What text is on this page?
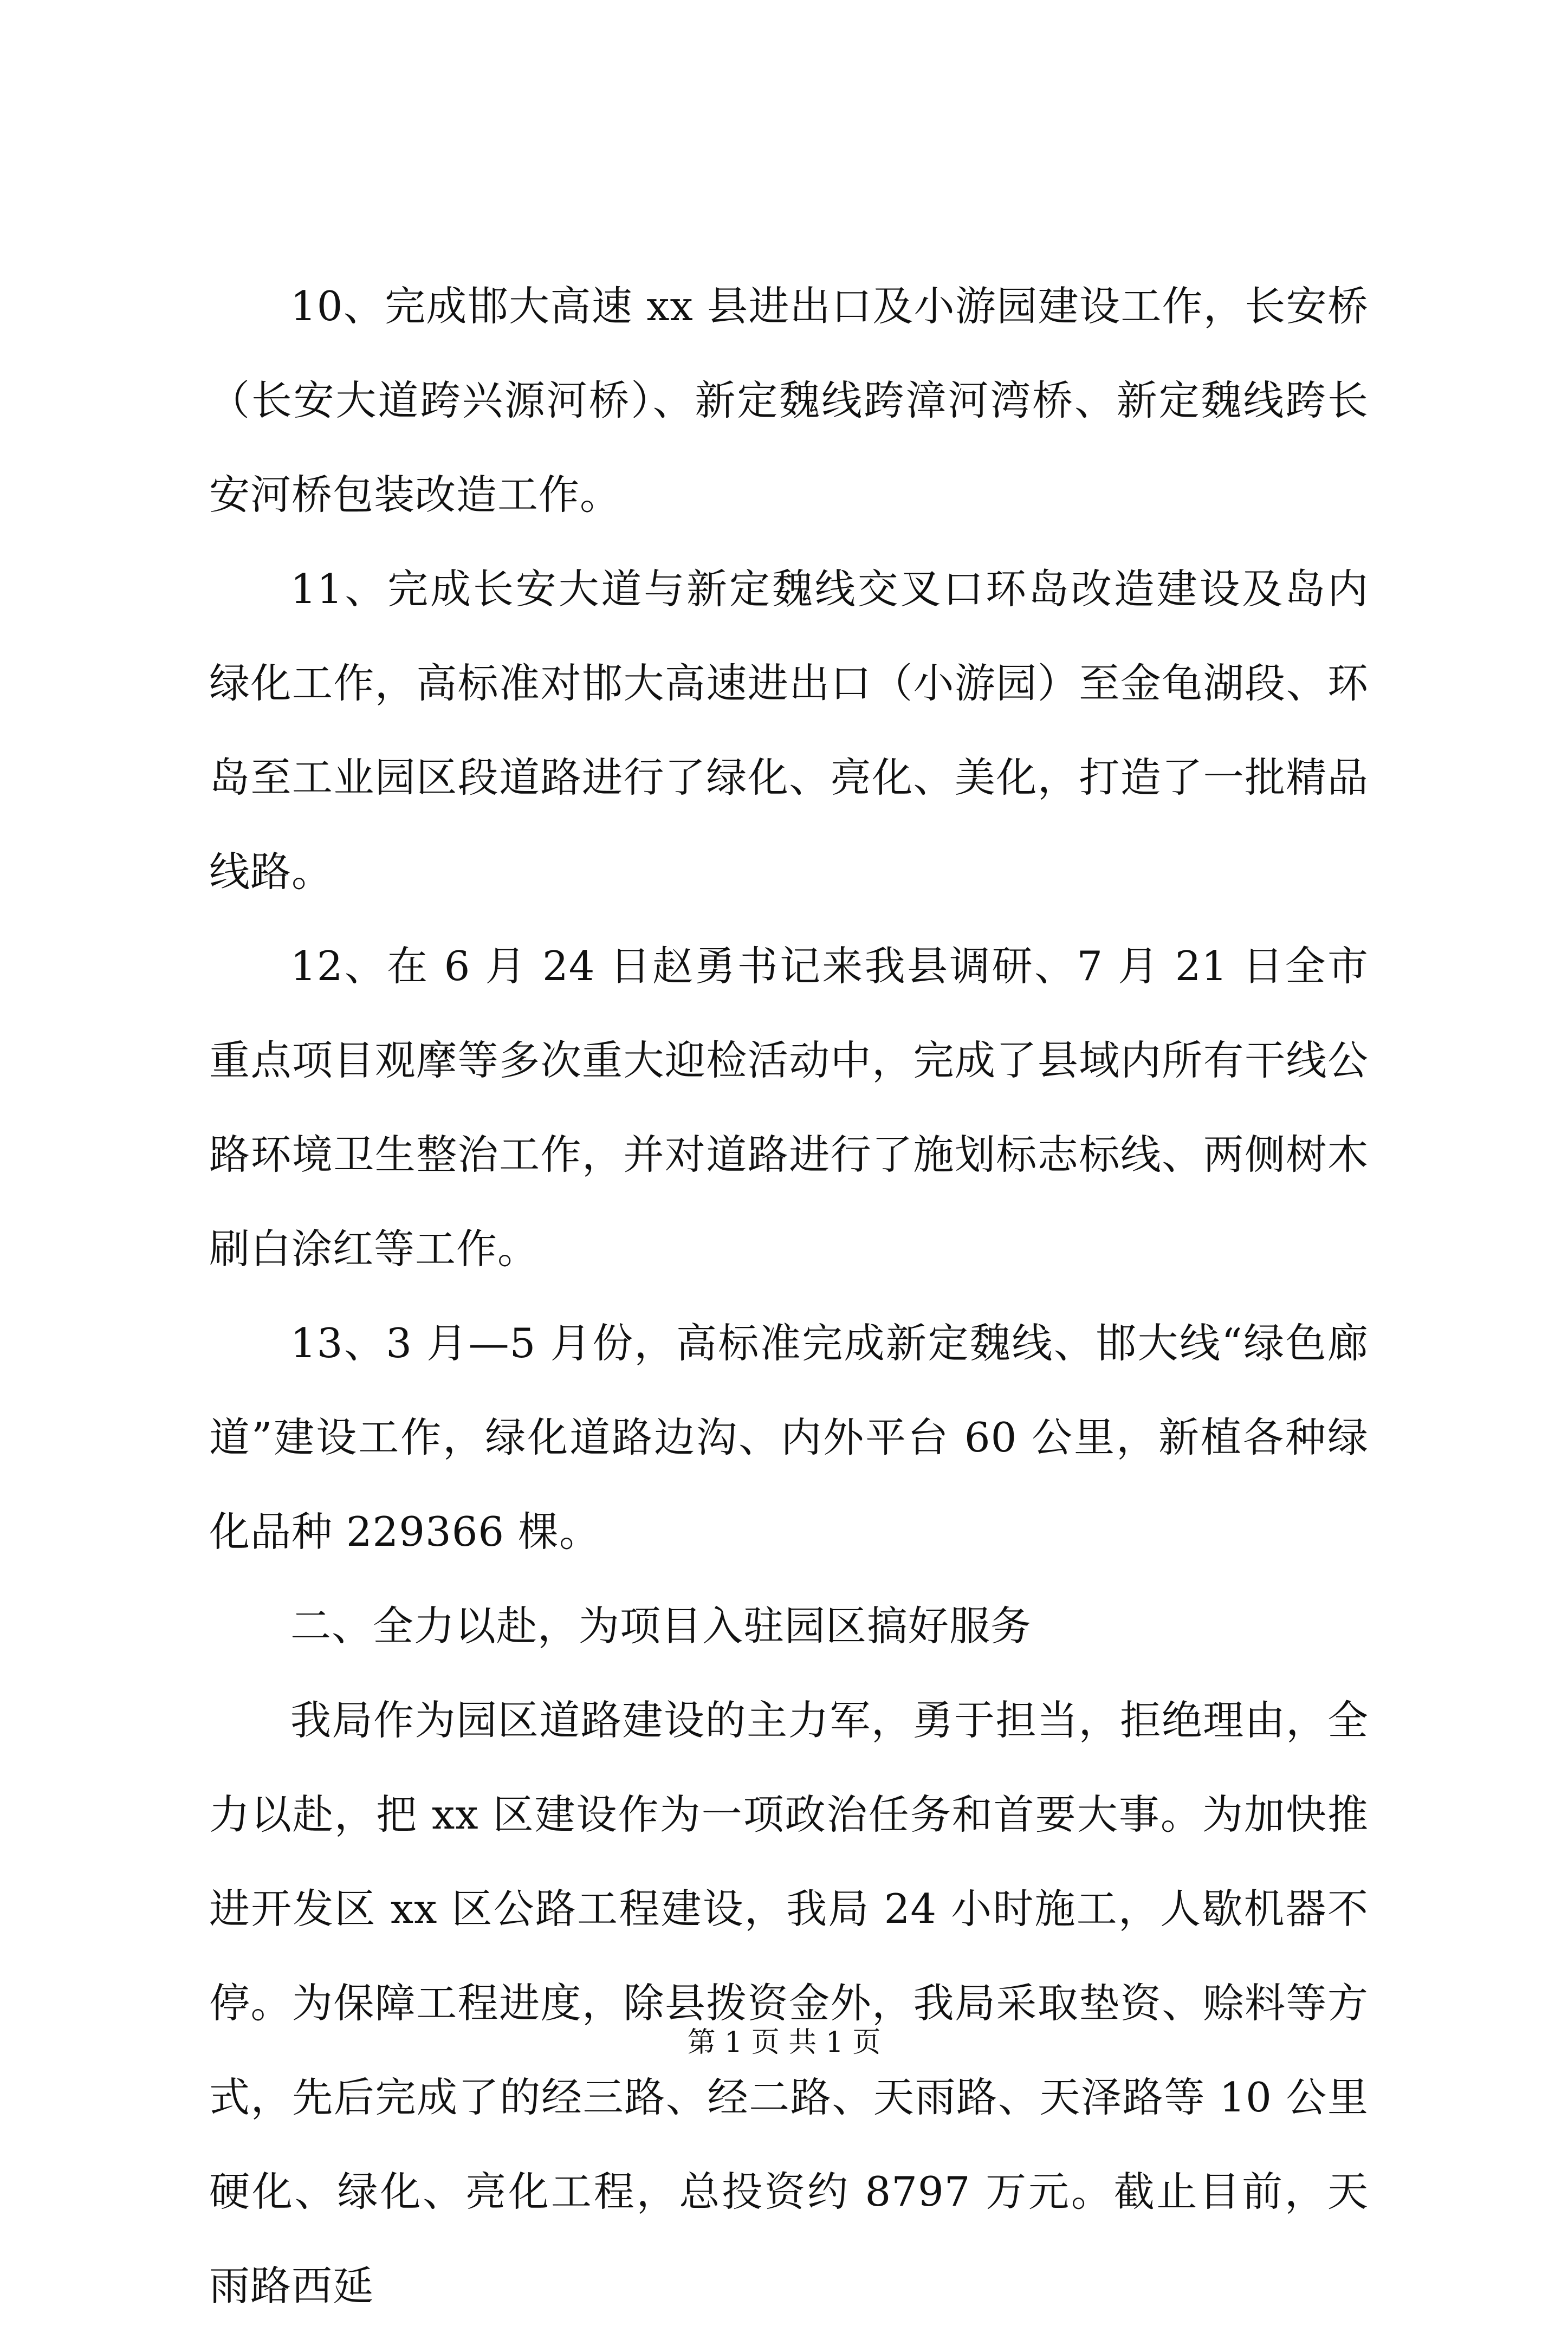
10、完成邯大高速 xx 县进出口及小游园建设工作，长安桥（长安大道跨兴源河桥）、新定魏线跨漳河湾桥、新定魏线跨长安河桥包装改造工作。

11、完成长安大道与新定魏线交叉口环岛改造建设及岛内绿化工作，高标准对邯大高速进出口（小游园）至金龟湖段、环岛至工业园区段道路进行了绿化、亮化、美化，打造了一批精品线路。

12、在 6 月 24 日赵勇书记来我县调研、7 月 21 日全市重点项目观摩等多次重大迎检活动中，完成了县域内所有干线公路环境卫生整治工作，并对道路进行了施划标志标线、两侧树木刷白涂红等工作。

13、3 月—5 月份，高标准完成新定魏线、邯大线“绿色廊道”建设工作，绿化道路边沟、内外平台 60 公里，新植各种绿化品种 229366 棵。

二、全力以赴，为项目入驻园区搞好服务

我局作为园区道路建设的主力军，勇于担当，拒绝理由，全力以赴，把 xx 区建设作为一项政治任务和首要大事。为加快推进开发区 xx 区公路工程建设，我局 24 小时施工，人歇机器不停。为保障工程进度，除县拨资金外，我局采取垫资、赊料等方式，先后完成了的经三路、经二路、天雨路、天泽路等 10 公里硬化、绿化、亮化工程，总投资约 8797 万元。截止目前，天雨路西延

第 1 页 共 1 页
